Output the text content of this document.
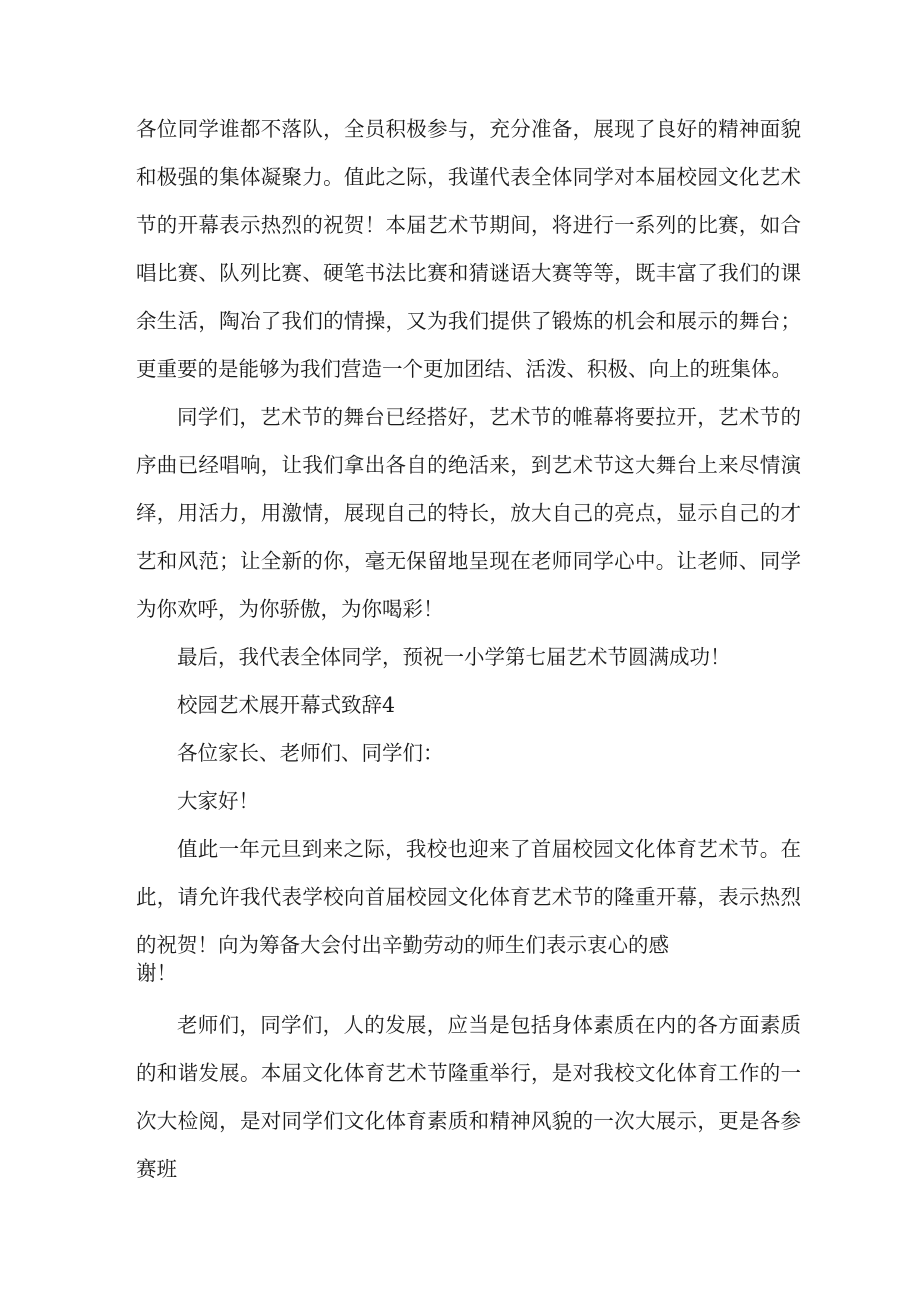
各位同学谁都不落队，全员积极参与，充分准备，展现了良好的精神面貌和极强的集体凝聚力。值此之际，我谨代表全体同学对本届校园文化艺术节的开幕表示热烈的祝贺！本届艺术节期间，将进行一系列的比赛，如合唱比赛、队列比赛、硬笔书法比赛和猜谜语大赛等等，既丰富了我们的课余生活，陶冶了我们的情操，又为我们提供了锻炼的机会和展示的舞台；更重要的是能够为我们营造一个更加团结、活泼、积极、向上的班集体。

同学们，艺术节的舞台已经搭好，艺术节的帷幕将要拉开，艺术节的序曲已经唱响，让我们拿出各自的绝活来，到艺术节这大舞台上来尽情演绎，用活力，用激情，展现自己的特长，放大自己的亮点，显示自己的才艺和风范；让全新的你，毫无保留地呈现在老师同学心中。让老师、同学为你欢呼，为你骄傲，为你喝彩！

最后，我代表全体同学，预祝一小学第七届艺术节圆满成功！

校园艺术展开幕式致辞4

各位家长、老师们、同学们：

大家好！

值此一年元旦到来之际，我校也迎来了首届校园文化体育艺术节。在此，请允许我代表学校向首届校园文化体育艺术节的隆重开幕，表示热烈的祝贺！向为筹备大会付出辛勤劳动的师生们表示衷心的感

谢！

老师们，同学们，人的发展，应当是包括身体素质在内的各方面素质的和谐发展。本届文化体育艺术节隆重举行，是对我校文化体育工作的一次大检阅，是对同学们文化体育素质和精神风貌的一次大展示，更是各参赛班
